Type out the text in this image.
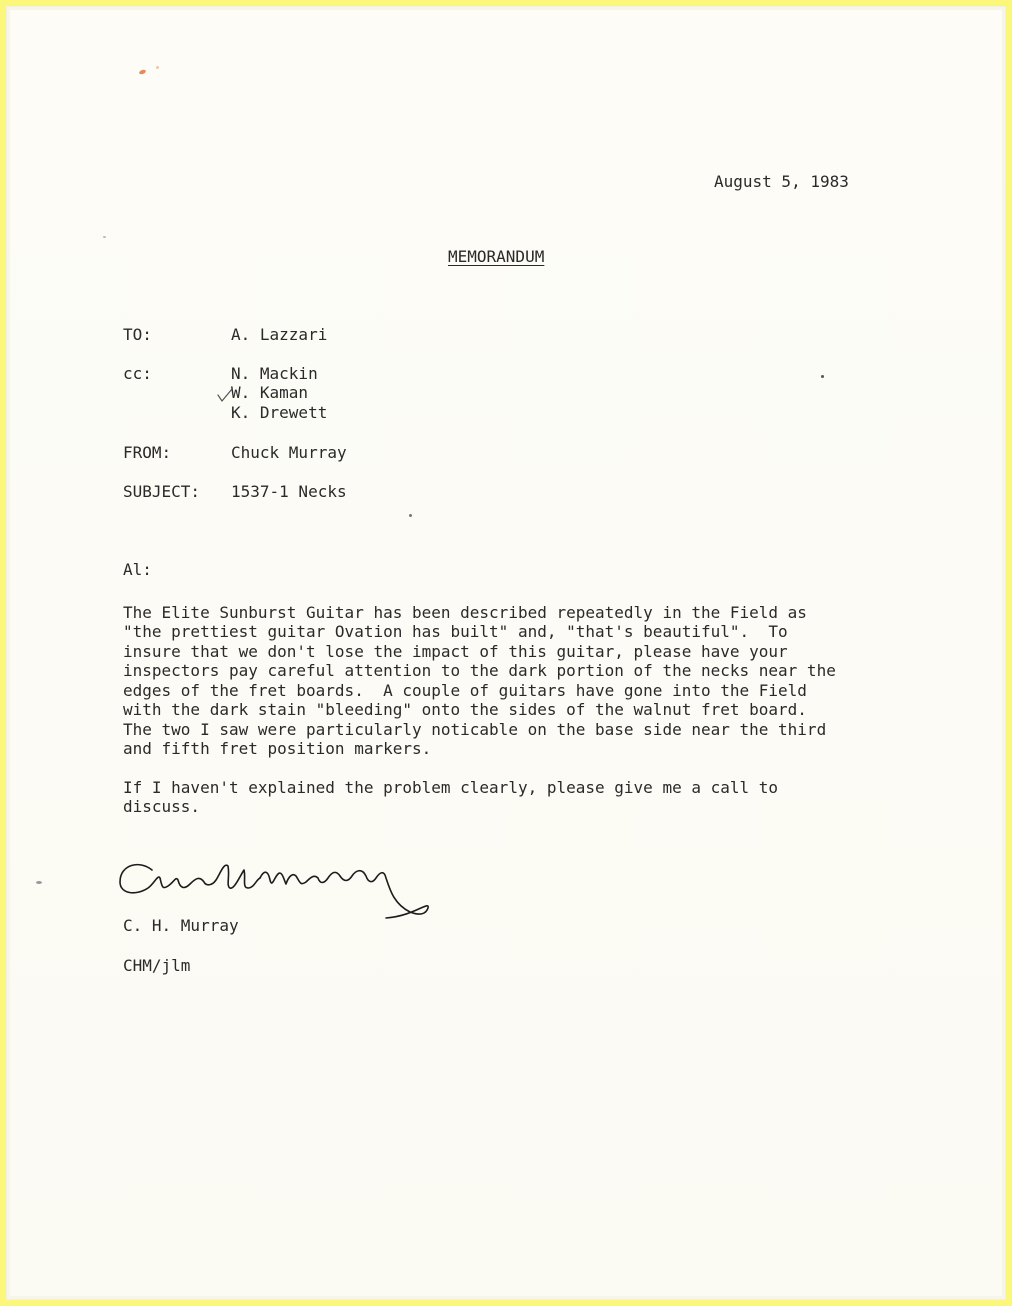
August 5, 1983
MEMORANDUM
TO:	A. Lazzari
cc:	N. Mackin
W. Kaman
K. Drewett
FROM:	Chuck Murray
SUBJECT: 1537-1 Necks
Al:
The Elite Sunburst Guitar has been described repeatedly in the Field as
"the prettiest guitar Ovation has built" and, "that's beautiful".  To
insure that we don't lose the impact of this guitar, please have your
inspectors pay careful attention to the dark portion of the necks near the
edges of the fret boards.  A couple of guitars have gone into the Field
with the dark stain "bleeding" onto the sides of the walnut fret board.
The two I saw were particularly noticable on the base side near the third
and fifth fret position markers.
If I haven't explained the problem clearly, please give me a call to
discuss.
C. H. Murray
CHM/jlm
